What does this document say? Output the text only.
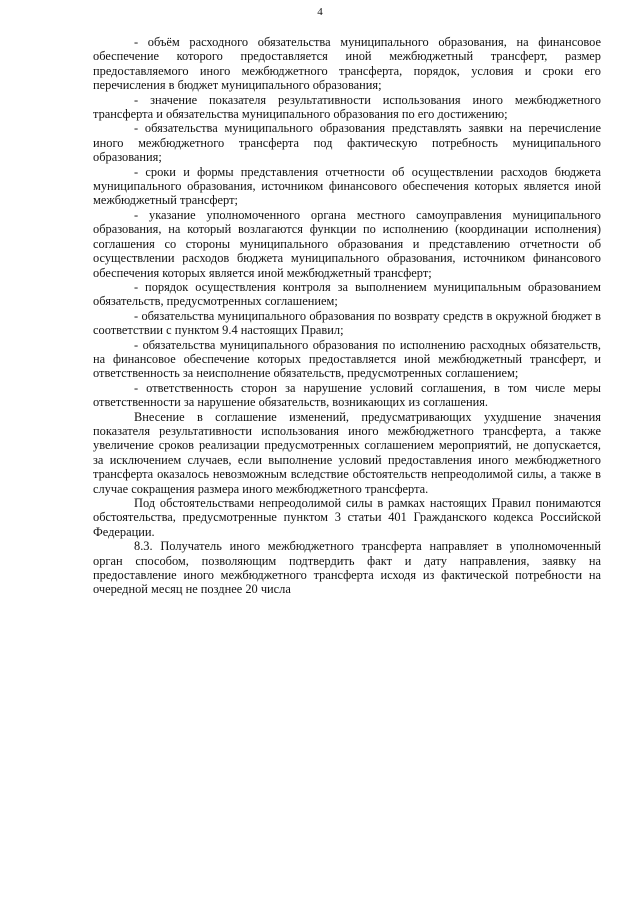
4

- объём расходного обязательства муниципального образования, на финансовое обеспечение которого предоставляется иной межбюджетный трансферт, размер предоставляемого иного межбюджетного трансферта, порядок, условия и сроки его перечисления в бюджет муниципального образования;

- значение показателя результативности использования иного межбюджетного трансферта и обязательства муниципального образования по его достижению;

- обязательства муниципального образования представлять заявки на перечисление иного межбюджетного трансферта под фактическую потребность муниципального образования;

- сроки и формы представления отчетности об осуществлении расходов бюджета муниципального образования, источником финансового обеспечения которых является иной межбюджетный трансферт;

- указание уполномоченного органа местного самоуправления муниципального образования, на который возлагаются функции по исполнению (координации исполнения) соглашения со стороны муниципального образования и представлению отчетности об осуществлении расходов бюджета муниципального образования, источником финансового обеспечения которых является иной межбюджетный трансферт;

- порядок осуществления контроля за выполнением муниципальным образованием обязательств, предусмотренных соглашением;

- обязательства муниципального образования по возврату средств в окружной бюджет в соответствии с пунктом 9.4 настоящих Правил;

- обязательства муниципального образования по исполнению расходных обязательств, на финансовое обеспечение которых предоставляется иной межбюджетный трансферт, и ответственность за неисполнение обязательств, предусмотренных соглашением;

- ответственность сторон за нарушение условий соглашения, в том числе меры ответственности за нарушение обязательств, возникающих из соглашения.

Внесение в соглашение изменений, предусматривающих ухудшение значения показателя результативности использования иного межбюджетного трансферта, а также увеличение сроков реализации предусмотренных соглашением мероприятий, не допускается, за исключением случаев, если выполнение условий предоставления иного межбюджетного трансферта оказалось невозможным вследствие обстоятельств непреодолимой силы, а также в случае сокращения размера иного межбюджетного трансферта.

Под обстоятельствами непреодолимой силы в рамках настоящих Правил понимаются обстоятельства, предусмотренные пунктом 3 статьи 401 Гражданского кодекса Российской Федерации.

8.3. Получатель иного межбюджетного трансферта направляет в уполномоченный орган способом, позволяющим подтвердить факт и дату направления, заявку на предоставление иного межбюджетного трансферта исходя из фактической потребности на очередной месяц не позднее 20 числа
